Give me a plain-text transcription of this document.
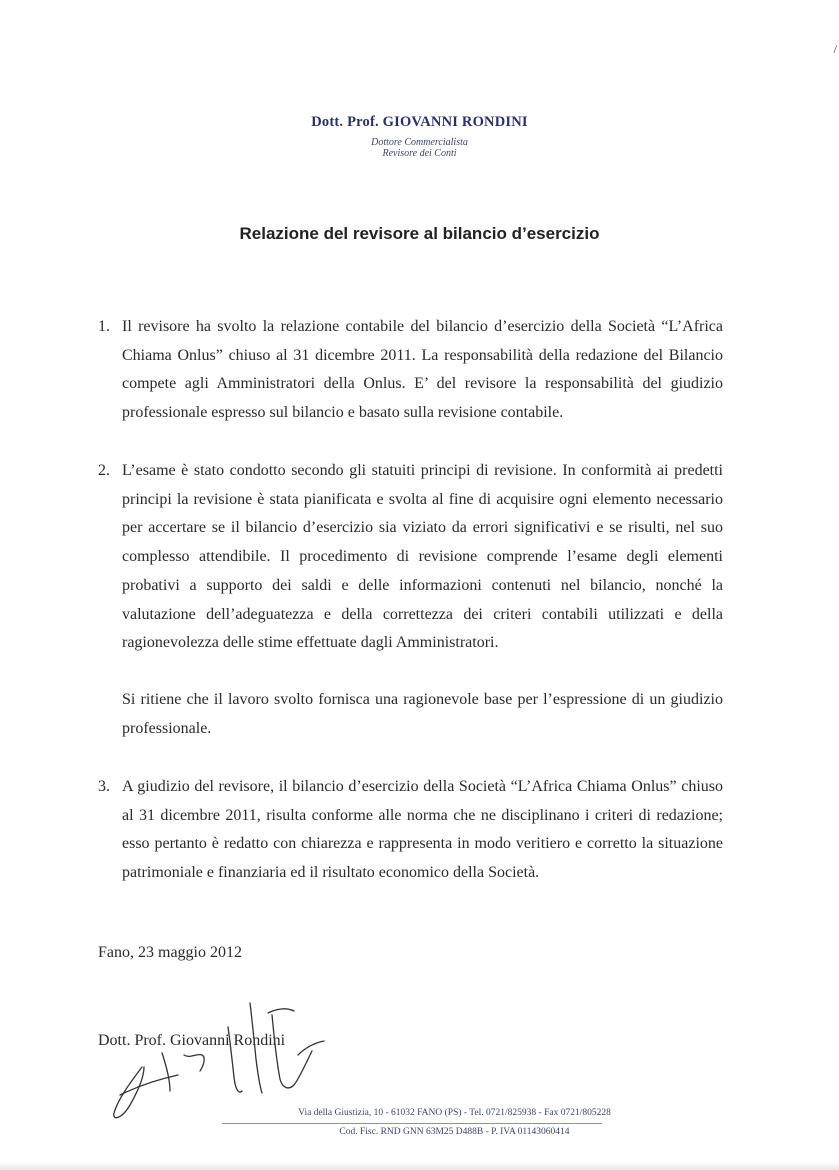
/
Dott. Prof. GIOVANNI RONDINI
Dottore Commercialista
Revisore dei Conti
Relazione del revisore al bilancio d’esercizio
1. Il revisore ha svolto la relazione contabile del bilancio d’esercizio della Società “L’Africa Chiama Onlus” chiuso al 31 dicembre 2011. La responsabilità della redazione del Bilancio compete agli Amministratori della Onlus. E’ del revisore la responsabilità del giudizio professionale espresso sul bilancio e basato sulla revisione contabile.
2. L’esame è stato condotto secondo gli statuiti principi di revisione. In conformità ai predetti principi la revisione è stata pianificata e svolta al fine di acquisire ogni elemento necessario per accertare se il bilancio d’esercizio sia viziato da errori significativi e se risulti, nel suo complesso attendibile. Il procedimento di revisione comprende l’esame degli elementi probativi a supporto dei saldi e delle informazioni contenuti nel bilancio, nonché la valutazione dell’adeguatezza e della correttezza dei criteri contabili utilizzati e della ragionevolezza delle stime effettuate dagli Amministratori.
Si ritiene che il lavoro svolto fornisca una ragionevole base per l’espressione di un giudizio professionale.
3. A giudizio del revisore, il bilancio d’esercizio della Società “L’Africa Chiama Onlus” chiuso al 31 dicembre 2011, risulta conforme alle norma che ne disciplinano i criteri di redazione; esso pertanto è redatto con chiarezza e rappresenta in modo veritiero e corretto la situazione patrimoniale e finanziaria ed il risultato economico della Società.
Fano, 23 maggio 2012
Dott. Prof. Giovanni Rondini
Via della Giustizia, 10 - 61032 FANO (PS) - Tel. 0721/825938 - Fax 0721/805228
Cod. Fisc. RND GNN 63M25 D488B - P. IVA 01143060414
